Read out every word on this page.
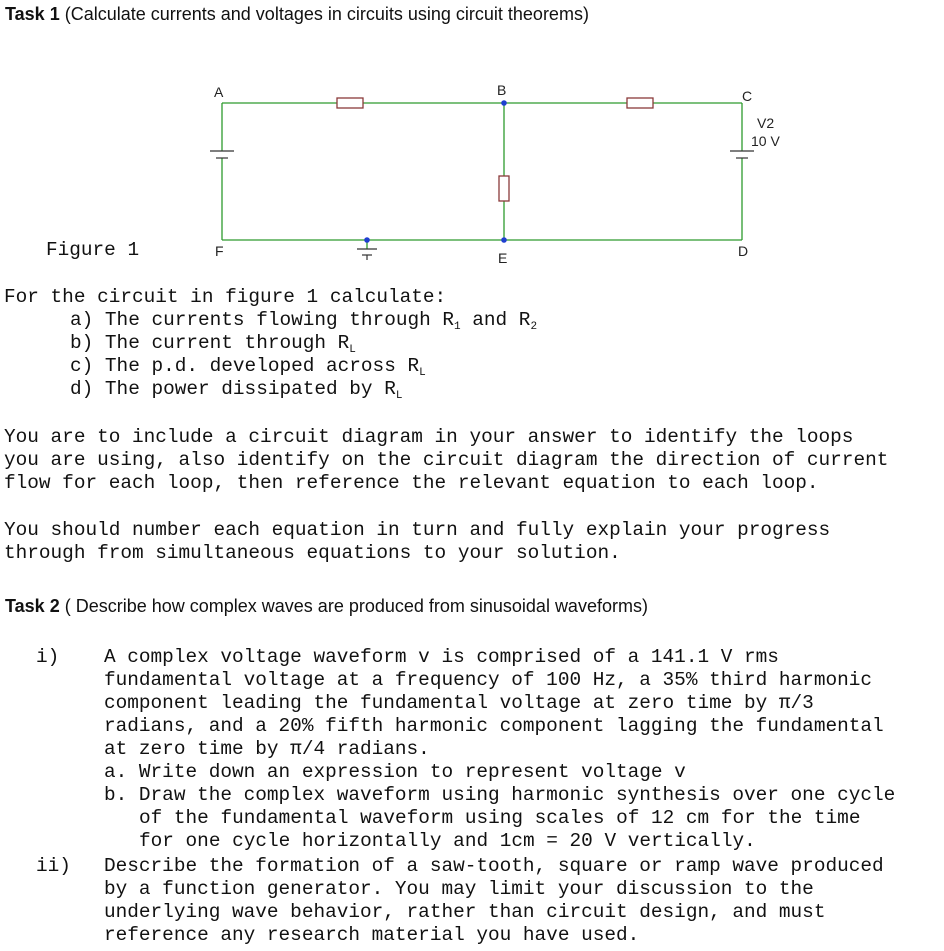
Task 1 (Calculate currents and voltages in circuits using circuit theorems)
A	B	C
V2
10 V
F	E	D
Figure 1
For the circuit in figure 1 calculate:
a) The currents flowing through $R_1$ and $R_2$
b) The current through $R_L$
c) The p.d. developed across $R_L$
d) The power dissipated by $R_L$
You are to include a circuit diagram in your answer to identify the loops
you are using, also identify on the circuit diagram the direction of current
flow for each loop, then reference the relevant equation to each loop.
You should number each equation in turn and fully explain your progress
through from simultaneous equations to your solution.
Task 2 ( Describe how complex waves are produced from sinusoidal waveforms)
i) A complex voltage waveform v is comprised of a 141.1 V rms
fundamental voltage at a frequency of 100 Hz, a 35% third harmonic
component leading the fundamental voltage at zero time by π/3
radians, and a 20% fifth harmonic component lagging the fundamental
at zero time by π/4 radians.
a. Write down an expression to represent voltage v
b. Draw the complex waveform using harmonic synthesis over one cycle
of the fundamental waveform using scales of 12 cm for the time
for one cycle horizontally and 1cm = 20 V vertically.
ii) Describe the formation of a saw-tooth, square or ramp wave produced
by a function generator. You may limit your discussion to the
underlying wave behavior, rather than circuit design, and must
reference any research material you have used.
